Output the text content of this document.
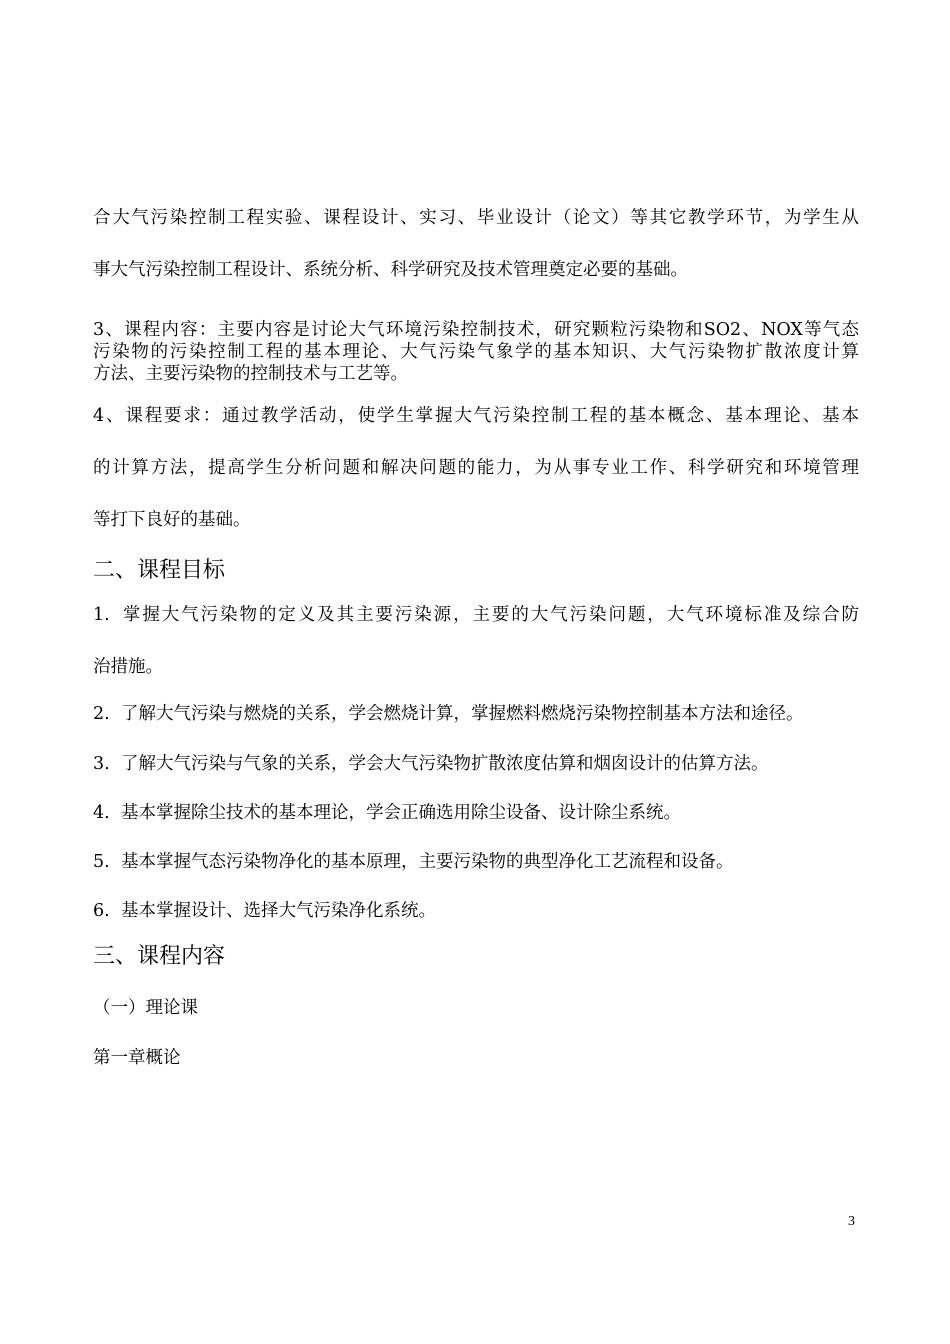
合大气污染控制工程实验、课程设计、实习、毕业设计（论文）等其它教学环节，为学生从
事大气污染控制工程设计、系统分析、科学研究及技术管理奠定必要的基础。
3、课程内容：主要内容是讨论大气环境污染控制技术，研究颗粒污染物和SO2、NOX等气态
污染物的污染控制工程的基本理论、大气污染气象学的基本知识、大气污染物扩散浓度计算
方法、主要污染物的控制技术与工艺等。
4、课程要求：通过教学活动，使学生掌握大气污染控制工程的基本概念、基本理论、基本
的计算方法，提高学生分析问题和解决问题的能力，为从事专业工作、科学研究和环境管理
等打下良好的基础。
二、课程目标
1. 掌握大气污染物的定义及其主要污染源，主要的大气污染问题，大气环境标准及综合防
治措施。
2. 了解大气污染与燃烧的关系，学会燃烧计算，掌握燃料燃烧污染物控制基本方法和途径。
3. 了解大气污染与气象的关系，学会大气污染物扩散浓度估算和烟囱设计的估算方法。
4. 基本掌握除尘技术的基本理论，学会正确选用除尘设备、设计除尘系统。
5. 基本掌握气态污染物净化的基本原理，主要污染物的典型净化工艺流程和设备。
6. 基本掌握设计、选择大气污染净化系统。
三、课程内容
（一）理论课
第一章概论
3
